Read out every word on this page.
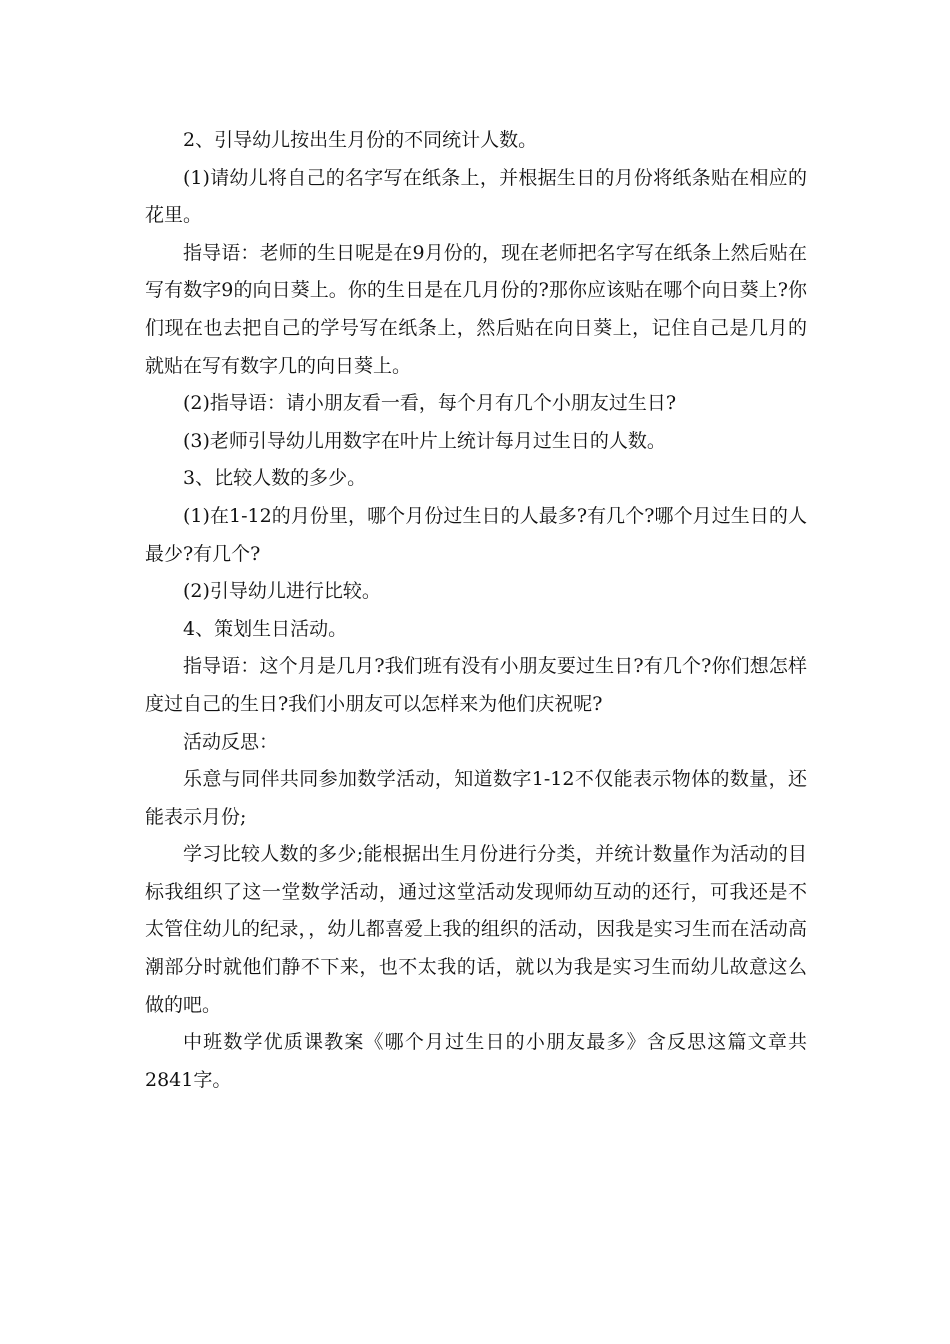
2、引导幼儿按出生月份的不同统计人数。

(1)请幼儿将自己的名字写在纸条上，并根据生日的月份将纸条贴在相应的花里。

指导语：老师的生日呢是在9月份的，现在老师把名字写在纸条上然后贴在写有数字9的向日葵上。你的生日是在几月份的?那你应该贴在哪个向日葵上?你们现在也去把自己的学号写在纸条上，然后贴在向日葵上，记住自己是几月的就贴在写有数字几的向日葵上。

(2)指导语：请小朋友看一看，每个月有几个小朋友过生日?

(3)老师引导幼儿用数字在叶片上统计每月过生日的人数。

3、比较人数的多少。

(1)在1-12的月份里，哪个月份过生日的人最多?有几个?哪个月过生日的人最少?有几个?

(2)引导幼儿进行比较。

4、策划生日活动。

指导语：这个月是几月?我们班有没有小朋友要过生日?有几个?你们想怎样度过自己的生日?我们小朋友可以怎样来为他们庆祝呢?

活动反思：

乐意与同伴共同参加数学活动，知道数字1-12不仅能表示物体的数量，还能表示月份;

学习比较人数的多少;能根据出生月份进行分类，并统计数量作为活动的目标我组织了这一堂数学活动，通过这堂活动发现师幼互动的还行，可我还是不太管住幼儿的纪录，，幼儿都喜爱上我的组织的活动，因我是实习生而在活动高潮部分时就他们静不下来，也不太我的话，就以为我是实习生而幼儿故意这么做的吧。

中班数学优质课教案《哪个月过生日的小朋友最多》含反思这篇文章共2841字。
